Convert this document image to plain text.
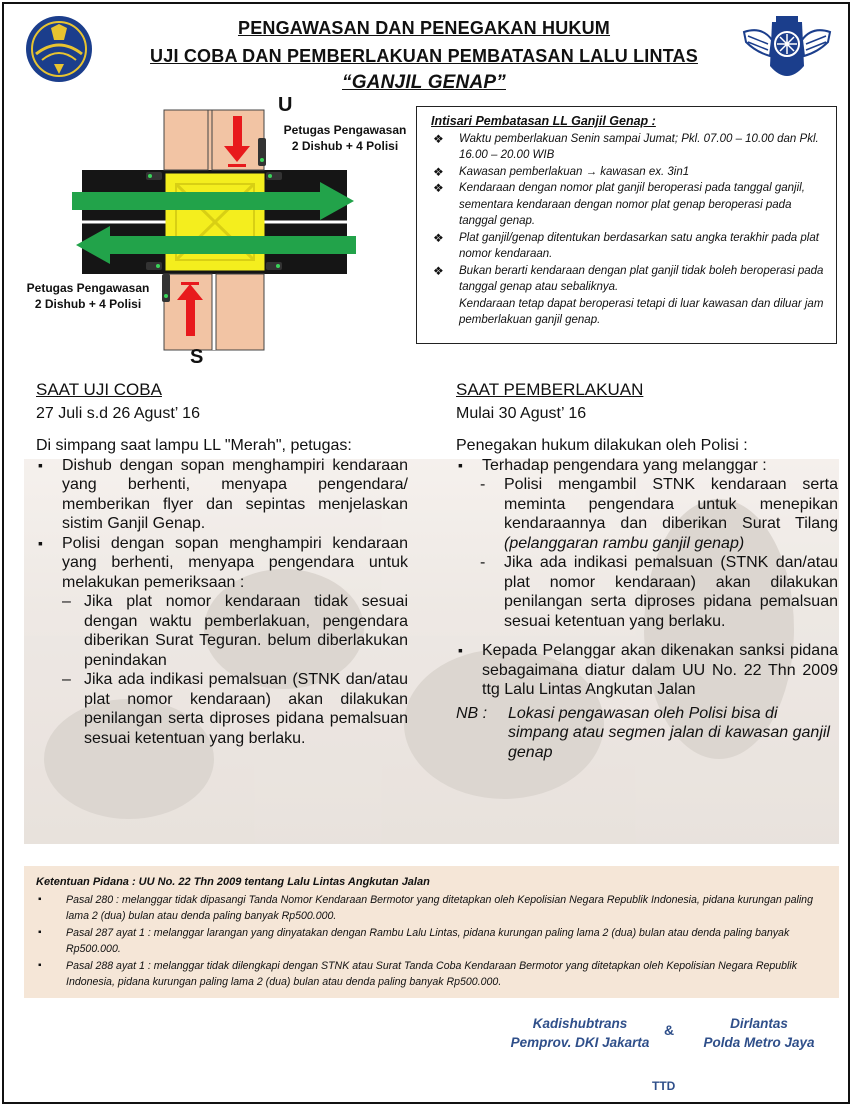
PENGAWASAN DAN PENEGAKAN HUKUM
UJI COBA DAN PEMBERLAKUAN PEMBATASAN LALU LINTAS
“GANJIL GENAP”
U
S
Petugas Pengawasan
2 Dishub + 4 Polisi
Petugas Pengawasan
2 Dishub + 4 Polisi
Intisari Pembatasan LL Ganjil Genap :
❖ Waktu pemberlakuan Senin sampai Jumat; Pkl. 07.00 – 10.00 dan Pkl. 16.00 – 20.00 WIB
❖ Kawasan pemberlakuan → kawasan ex. 3in1
❖ Kendaraan dengan nomor plat ganjil beroperasi pada tanggal ganjil, sementara kendaraan dengan nomor plat genap beroperasi pada tanggal genap.
❖ Plat ganjil/genap ditentukan berdasarkan satu angka terakhir pada plat nomor kendaraan.
❖ Bukan berarti kendaraan dengan plat ganjil tidak boleh beroperasi pada tanggal genap atau sebaliknya.
Kendaraan tetap dapat beroperasi tetapi di luar kawasan dan diluar jam pemberlakuan ganjil genap.
SAAT UJI COBA
27 Juli s.d 26 Agust’ 16
Di simpang saat lampu LL "Merah", petugas:
▪ Dishub dengan sopan menghampiri kendaraan yang berhenti, menyapa pengendara/ memberikan flyer dan sepintas menjelaskan sistim Ganjil Genap.
▪ Polisi dengan sopan menghampiri kendaraan yang berhenti, menyapa pengendara untuk melakukan pemeriksaan :
– Jika plat nomor kendaraan tidak sesuai dengan waktu pemberlakuan, pengendara diberikan Surat Teguran. belum diberlakukan penindakan
– Jika ada indikasi pemalsuan (STNK dan/atau plat nomor kendaraan) akan dilakukan penilangan serta diproses pidana pemalsuan sesuai ketentuan yang berlaku.
SAAT PEMBERLAKUAN
Mulai 30 Agust’ 16
Penegakan hukum dilakukan oleh Polisi :
▪ Terhadap pengendara yang melanggar :
- Polisi mengambil STNK kendaraan serta meminta pengendara untuk menepikan kendaraannya dan diberikan Surat Tilang (pelanggaran rambu ganjil genap)
- Jika ada indikasi pemalsuan (STNK dan/atau plat nomor kendaraan) akan dilakukan penilangan serta diproses pidana pemalsuan sesuai ketentuan yang berlaku.
▪ Kepada Pelanggar akan dikenakan sanksi pidana sebagaimana diatur dalam UU No. 22 Thn 2009 ttg Lalu Lintas Angkutan Jalan
NB : Lokasi pengawasan oleh Polisi bisa di simpang atau segmen jalan di kawasan ganjil genap
Ketentuan Pidana : UU No. 22 Thn 2009 tentang Lalu Lintas Angkutan Jalan
▪ Pasal 280 : melanggar tidak dipasangi Tanda Nomor Kendaraan Bermotor yang ditetapkan oleh Kepolisian Negara Republik Indonesia, pidana kurungan paling lama 2 (dua) bulan atau denda paling banyak Rp500.000.
▪ Pasal 287 ayat 1 : melanggar larangan yang dinyatakan dengan Rambu Lalu Lintas, pidana kurungan paling lama 2 (dua) bulan atau denda paling banyak Rp500.000.
▪ Pasal 288 ayat 1 : melanggar tidak dilengkapi dengan STNK atau Surat Tanda Coba Kendaraan Bermotor yang ditetapkan oleh Kepolisian Negara Republik Indonesia, pidana kurungan paling lama 2 (dua) bulan atau denda paling banyak Rp500.000.
Kadishubtrans
Pemprov. DKI Jakarta
&	Dirlantas
Polda Metro Jaya
TTD
